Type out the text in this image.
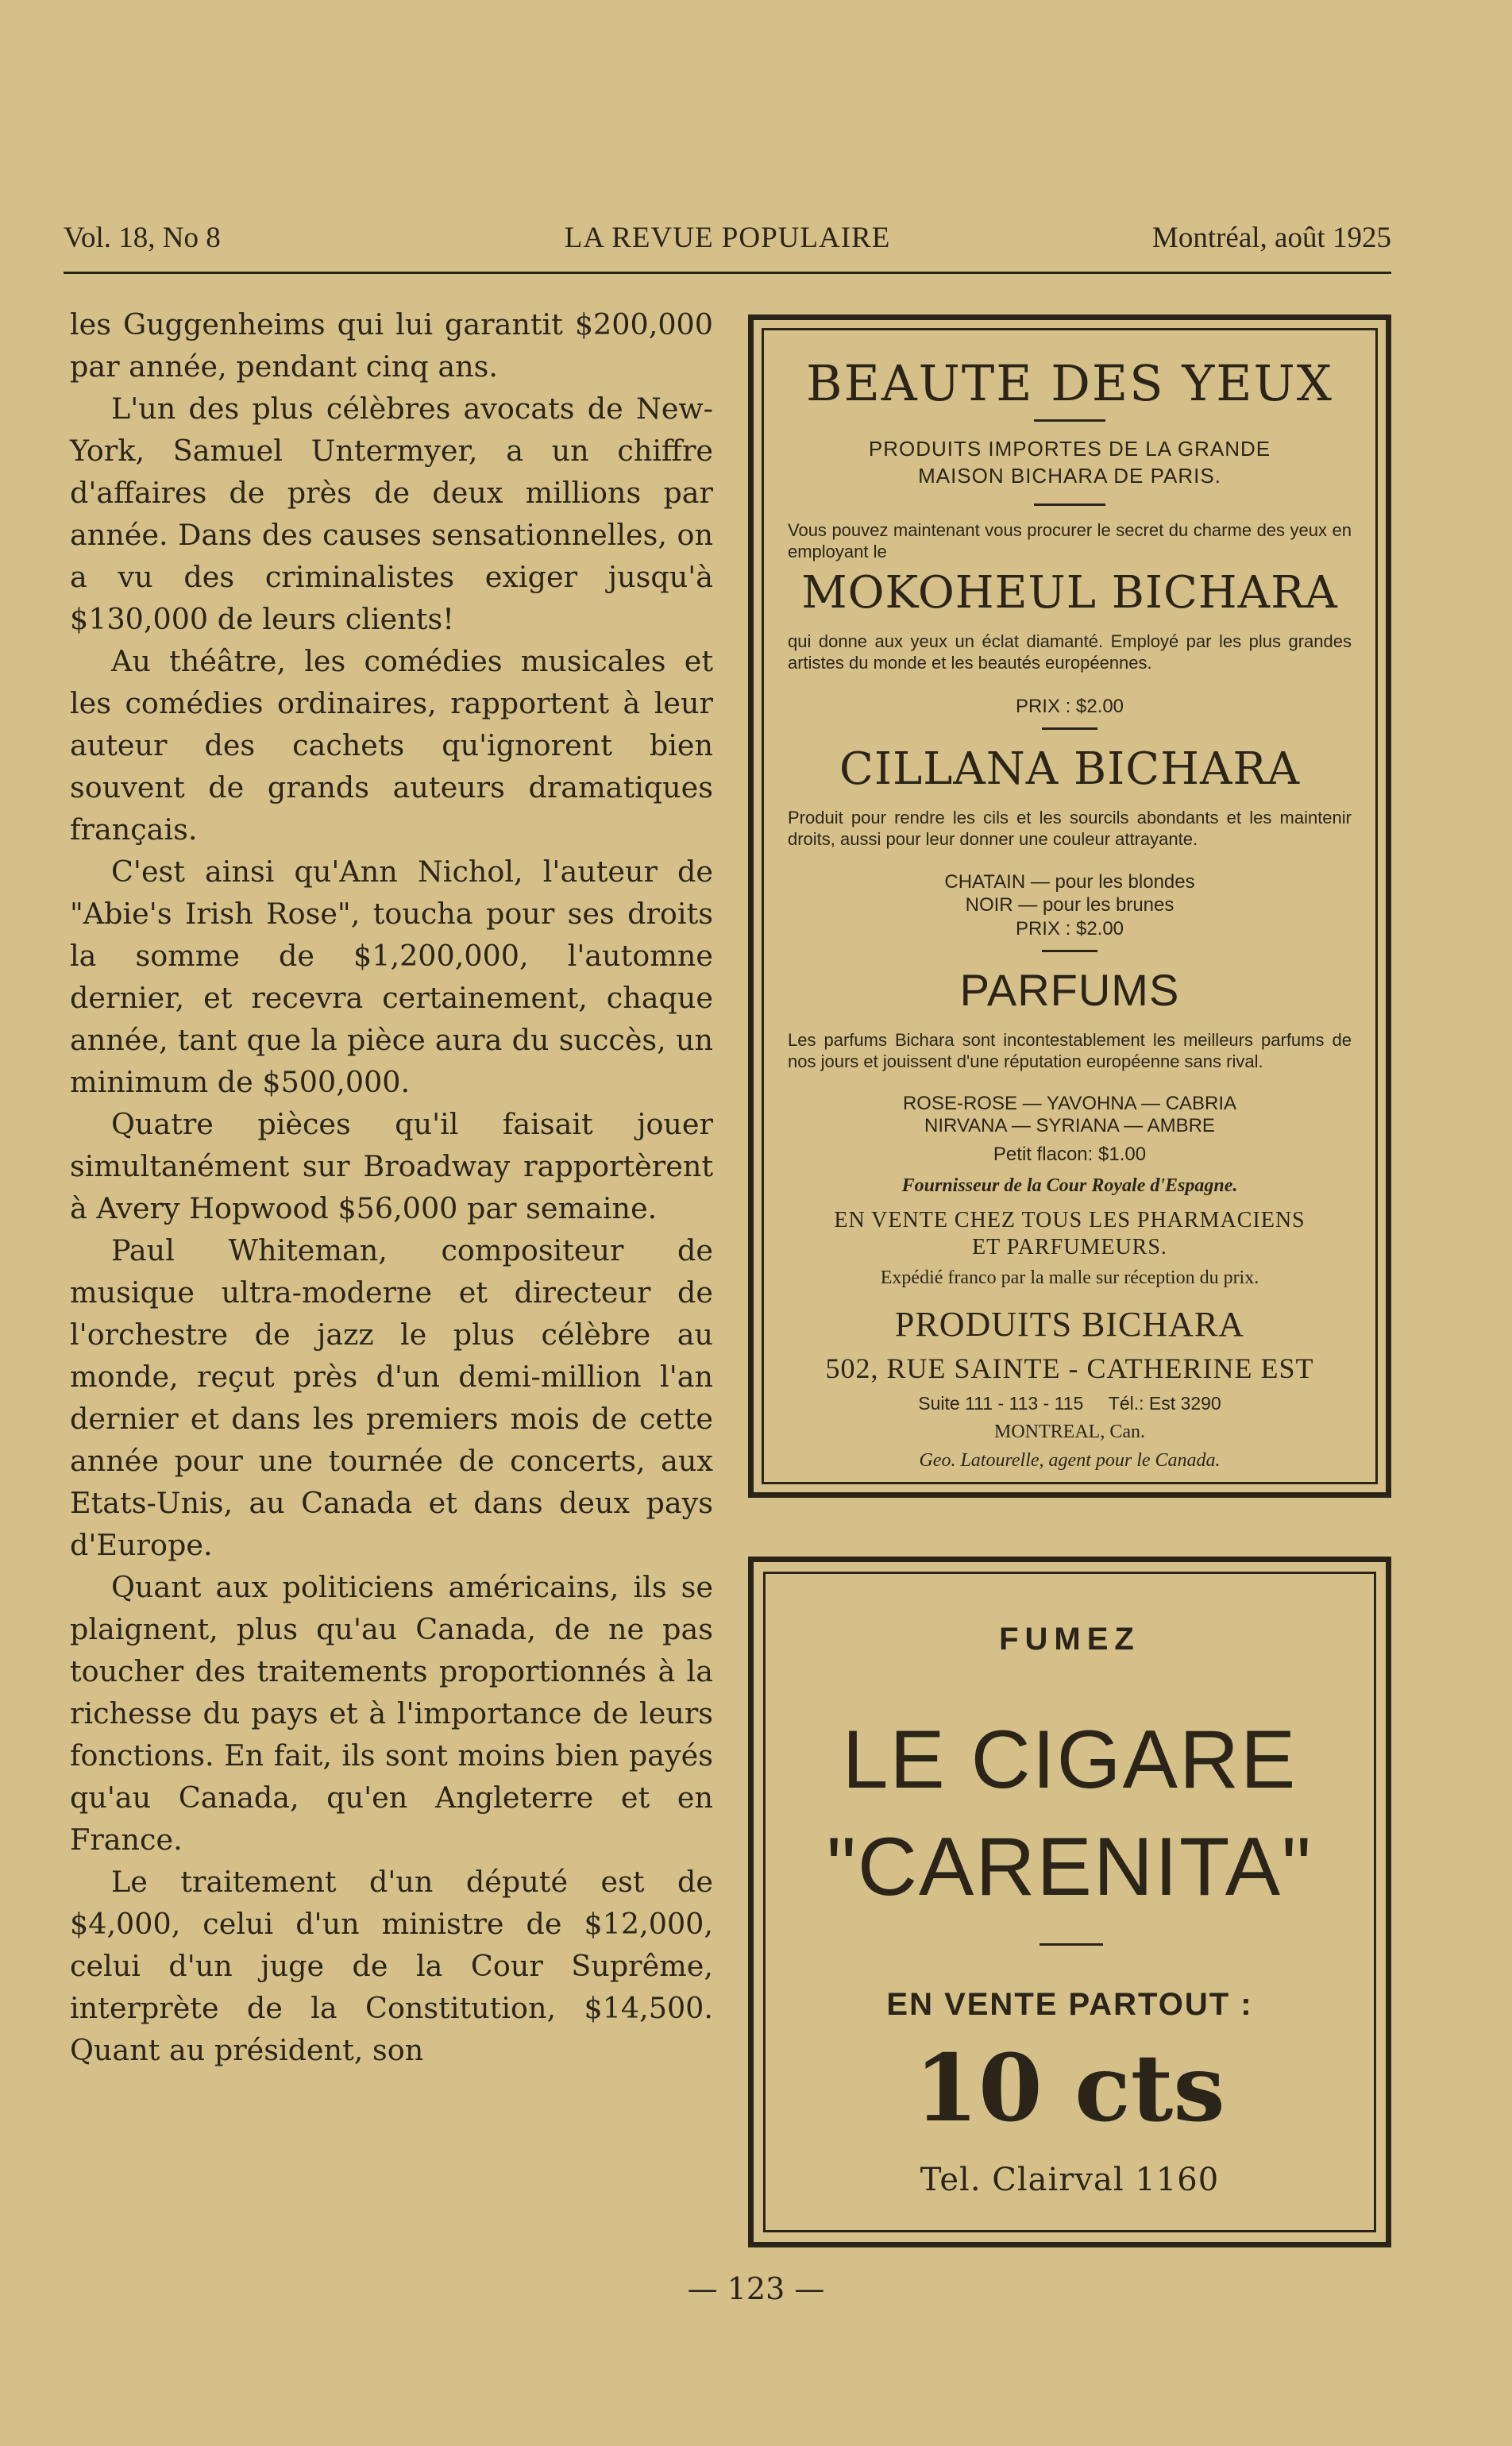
Vol. 18, No 8	LA REVUE POPULAIRE	Montréal, août 1925

les Guggenheims qui lui garantit $200,000 par année, pendant cinq ans.

L'un des plus célèbres avocats de New-York, Samuel Untermyer, a un chiffre d'affaires de près de deux millions par année. Dans des causes sensationnelles, on a vu des criminalistes exiger jusqu'à $130,000 de leurs clients!

Au théâtre, les comédies musicales et les comédies ordinaires, rapportent à leur auteur des cachets qu'ignorent bien souvent de grands auteurs dramatiques français.

C'est ainsi qu'Ann Nichol, l'auteur de "Abie's Irish Rose", toucha pour ses droits la somme de $1,200,000, l'automne dernier, et recevra certainement, chaque année, tant que la pièce aura du succès, un minimum de $500,000.

Quatre pièces qu'il faisait jouer simultanément sur Broadway rapportèrent à Avery Hopwood $56,000 par semaine.

Paul Whiteman, compositeur de musique ultra-moderne et directeur de l'orchestre de jazz le plus célèbre au monde, reçut près d'un demi-million l'an dernier et dans les premiers mois de cette année pour une tournée de concerts, aux Etats-Unis, au Canada et dans deux pays d'Europe.

Quant aux politiciens américains, ils se plaignent, plus qu'au Canada, de ne pas toucher des traitements proportionnés à la richesse du pays et à l'importance de leurs fonctions. En fait, ils sont moins bien payés qu'au Canada, qu'en Angleterre et en France.

Le traitement d'un député est de $4,000, celui d'un ministre de $12,000, celui d'un juge de la Cour Suprême, interprète de la Constitution, $14,500. Quant au président, son

BEAUTE DES YEUX
PRODUITS IMPORTES DE LA GRANDE
MAISON BICHARA DE PARIS.
Vous pouvez maintenant vous procurer le secret du charme des yeux en employant le
MOKOHEUL BICHARA
qui donne aux yeux un éclat diamanté. Employé par les plus grandes artistes du monde et les beautés européennes.
PRIX : $2.00
CILLANA BICHARA
Produit pour rendre les cils et les sourcils abondants et les maintenir droits, aussi pour leur donner une couleur attrayante.
CHATAIN — pour les blondes
NOIR — pour les brunes
PRIX : $2.00
PARFUMS
Les parfums Bichara sont incontestablement les meilleurs parfums de nos jours et jouissent d'une réputation européenne sans rival.
ROSE-ROSE — YAVOHNA — CABRIA
NIRVANA — SYRIANA — AMBRE
Petit flacon: $1.00
Fournisseur de la Cour Royale d'Espagne.
EN VENTE CHEZ TOUS LES PHARMACIENS
ET PARFUMEURS.
Expédié franco par la malle sur réception du prix.
PRODUITS BICHARA
502, RUE SAINTE - CATHERINE EST
Suite 111 - 113 - 115     Tél.: Est 3290
MONTREAL, Can.
Geo. Latourelle, agent pour le Canada.
FUMEZ
LE CIGARE
"CARENITA"
EN VENTE PARTOUT :
10 cts
Tel. Clairval 1160
— 123 —
